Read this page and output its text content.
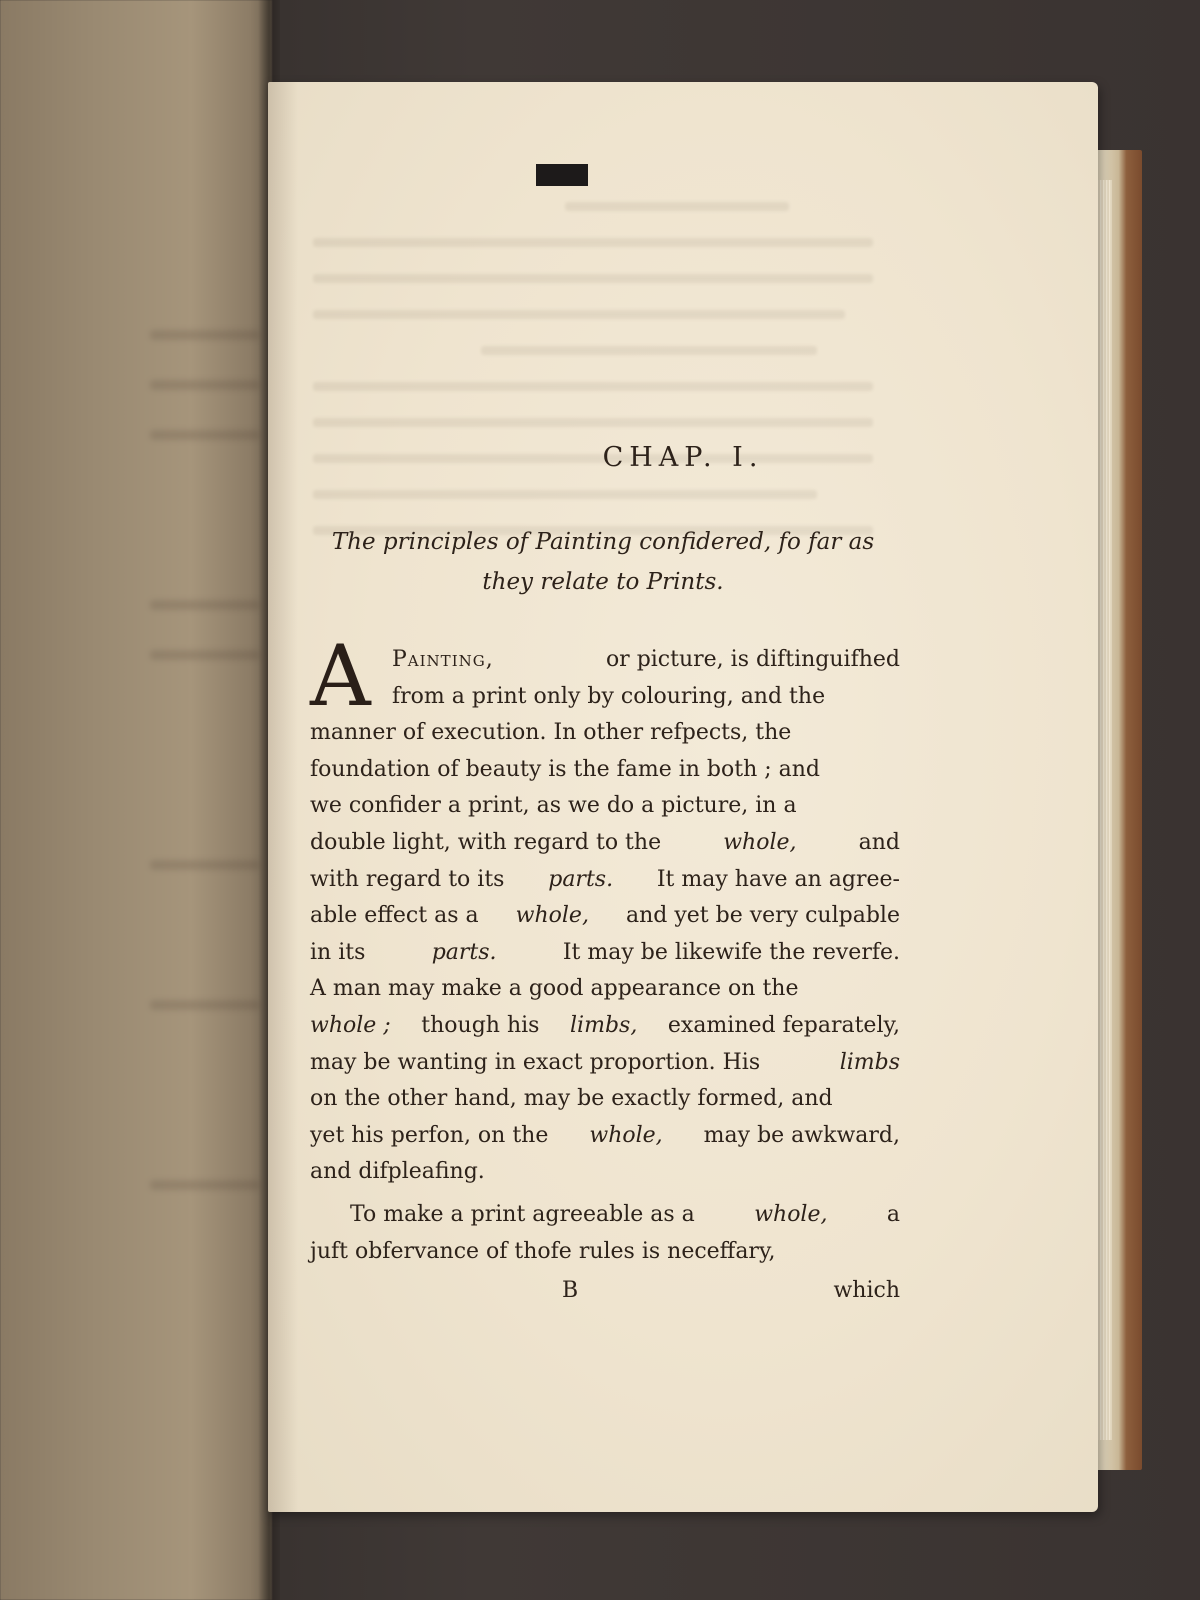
CHAP. I.
The principles of Painting confidered, fo far as
they relate to Prints.
A Painting,	or picture, is diftinguifhed
from a print only by colouring, and the
manner of execution. In other refpects, the
foundation of beauty is the fame in both ; and
we confider a print, as we do a picture, in a
double light, with regard to the	whole,	and
with regard to its parts. It may have an agree-
able effect as a whole, and yet be very culpable
in its	parts.	It may be likewife the reverfe.
A man may make a good appearance on the
whole ; though his limbs, examined feparately,
may be wanting in exact proportion. His	limbs
on the other hand, may be exactly formed, and
yet his perfon, on the whole, may be awkward,
and difpleafing.
To make a print agreeable as a	whole,	a
juft obfervance of thofe rules is neceffary,
B	which
